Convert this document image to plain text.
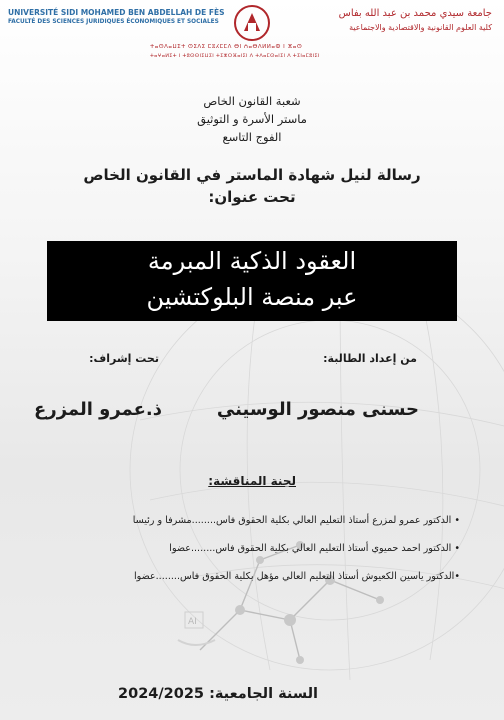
AI
UNIVERSITÉ SIDI MOHAMED BEN ABDELLAH DE FÈS
FACULTÉ DES SCIENCES JURIDIQUES ÉCONOMIQUES ET SOCIALES
جامعة سيدي محمد بن عبد الله بفاس
كلية العلوم القانونية والاقتصادية والاجتماعية
ⵜⴰⵙⴷⴰⵡⵉⵜ ⵙⵉⴷⵉ ⵎⵓⵃⵎⵎⴷ ⴱⵏ ⵄⴰⴱⴷⵍⵍⴰⵀ ⵏ ⴼⴰⵙ
ⵜⴰⵖⴰⵍⵉⵜ ⵏ ⵜⵓⵙⵙⵏⵉⵡⵉⵏ ⵜⵉⵣⵔⴼⴰⵏⵉⵏ ⴷ ⵜⴷⴰⵎⵙⴰⵏⵉⵏ ⴷ ⵜⵉⵏⴰⵎⵓⵏⵉⵏ
شعبة القانون الخاص
ماستر الأسرة و التوثيق
الفوج التاسع
رسالة لنيل شهادة الماستر في القانون الخاص
تحت عنوان:
العقود الذكية المبرمة
عبر منصة البلوكتشين
من إعداد الطالبة:
تحت إشراف:
حسنى منصور الوسيني
ذ.عمرو المزرع
لجنة المناقشة:
• الدكتور عمرو لمزرع أستاذ التعليم العالي بكلية الحقوق فاس........مشرفا و رئيسا
• الدكتور احمد حميوي أستاذ التعليم العالي بكلية الحقوق فاس........عضوا
•الدكتور ياسين الكعيوش أستاذ التعليم العالي مؤهل بكلية الحقوق فاس........عضوا
السنة الجامعية: 2024/2025
